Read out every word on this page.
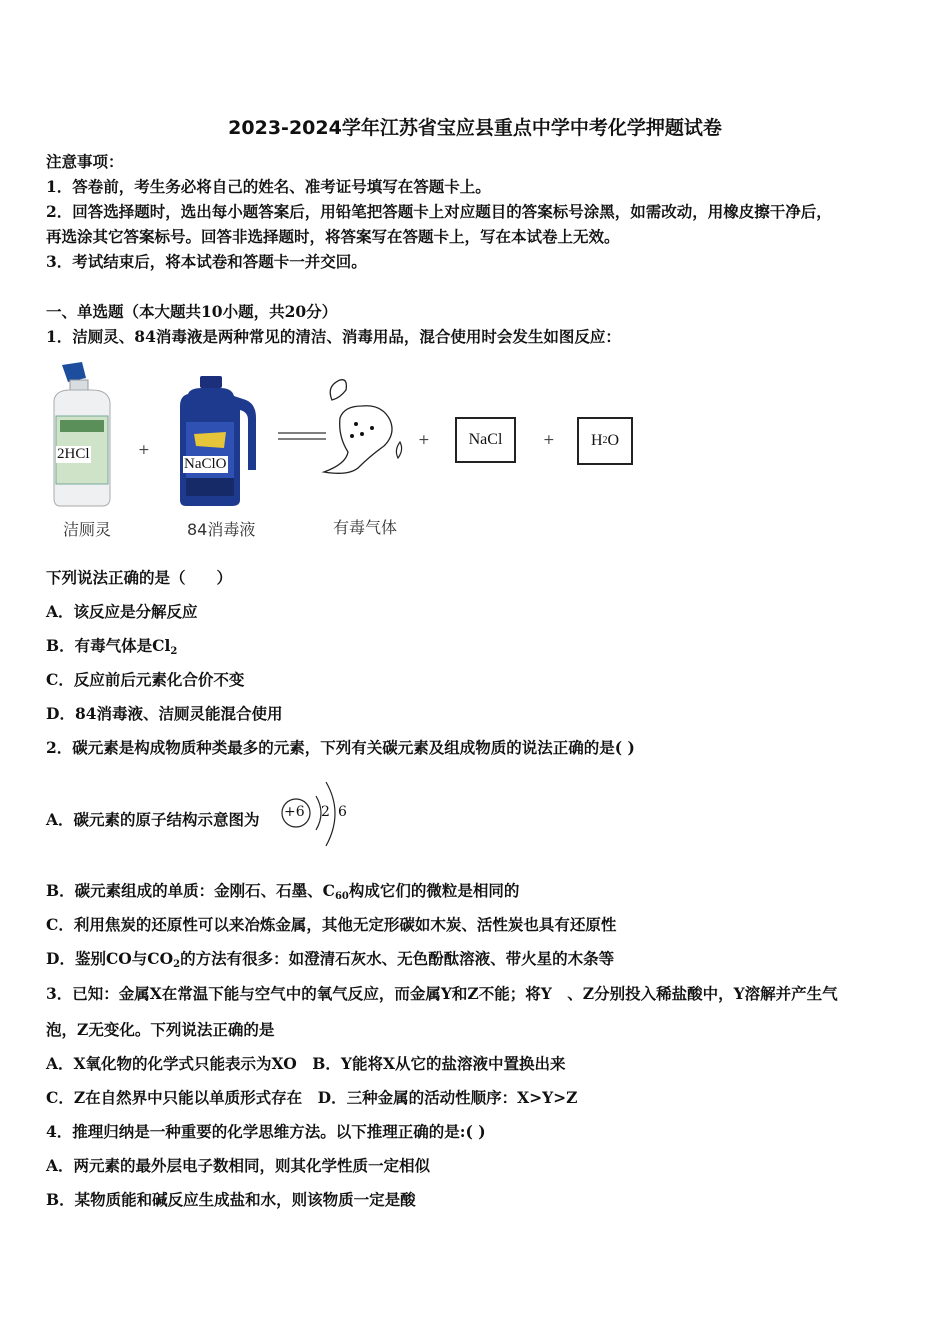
2023-2024学年江苏省宝应县重点中学中考化学押题试卷
注意事项：
1．答卷前，考生务必将自己的姓名、准考证号填写在答题卡上。
2．回答选择题时，选出每小题答案后，用铅笔把答题卡上对应题目的答案标号涂黑，如需改动，用橡皮擦干净后，
再选涂其它答案标号。回答非选择题时，将答案写在答题卡上，写在本试卷上无效。
3．考试结束后，将本试卷和答题卡一并交回。
一、单选题（本大题共10小题，共20分）
1．洁厕灵、84消毒液是两种常见的清洁、消毒用品，混合使用时会发生如图反应：
2HCl	+
NaClO
+	NaCl	+ H 2 O
洁厕灵	84消毒液	有毒气体
下列说法正确的是（　　）
A．该反应是分解反应
B．有毒气体是$Cl_2$
C．反应前后元素化合价不变
D．84消毒液、洁厕灵能混合使用
2．碳元素是构成物质种类最多的元素，下列有关碳元素及组成物质的说法正确的是( )
A．碳元素的原子结构示意图为 +6 2 6
B．碳元素组成的单质：金刚石、石墨、$C_{60}$构成它们的微粒是相同的
C．利用焦炭的还原性可以来冶炼金属，其他无定形碳如木炭、活性炭也具有还原性
D．鉴别CO与$CO_2$的方法有很多：如澄清石灰水、无色酚酞溶液、带火星的木条等
3．已知：金属X在常温下能与空气中的氧气反应，而金属Y和Z不能；将Y　、Z分别投入稀盐酸中，Y溶解并产生气
泡，Z无变化。下列说法正确的是
A．X氧化物的化学式只能表示为XO　B．Y能将X从它的盐溶液中置换出来
C．Z在自然界中只能以单质形式存在　D．三种金属的活动性顺序：X>Y>Z
4．推理归纳是一种重要的化学思维方法。以下推理正确的是:( )
A．两元素的最外层电子数相同，则其化学性质一定相似
B．某物质能和碱反应生成盐和水，则该物质一定是酸
